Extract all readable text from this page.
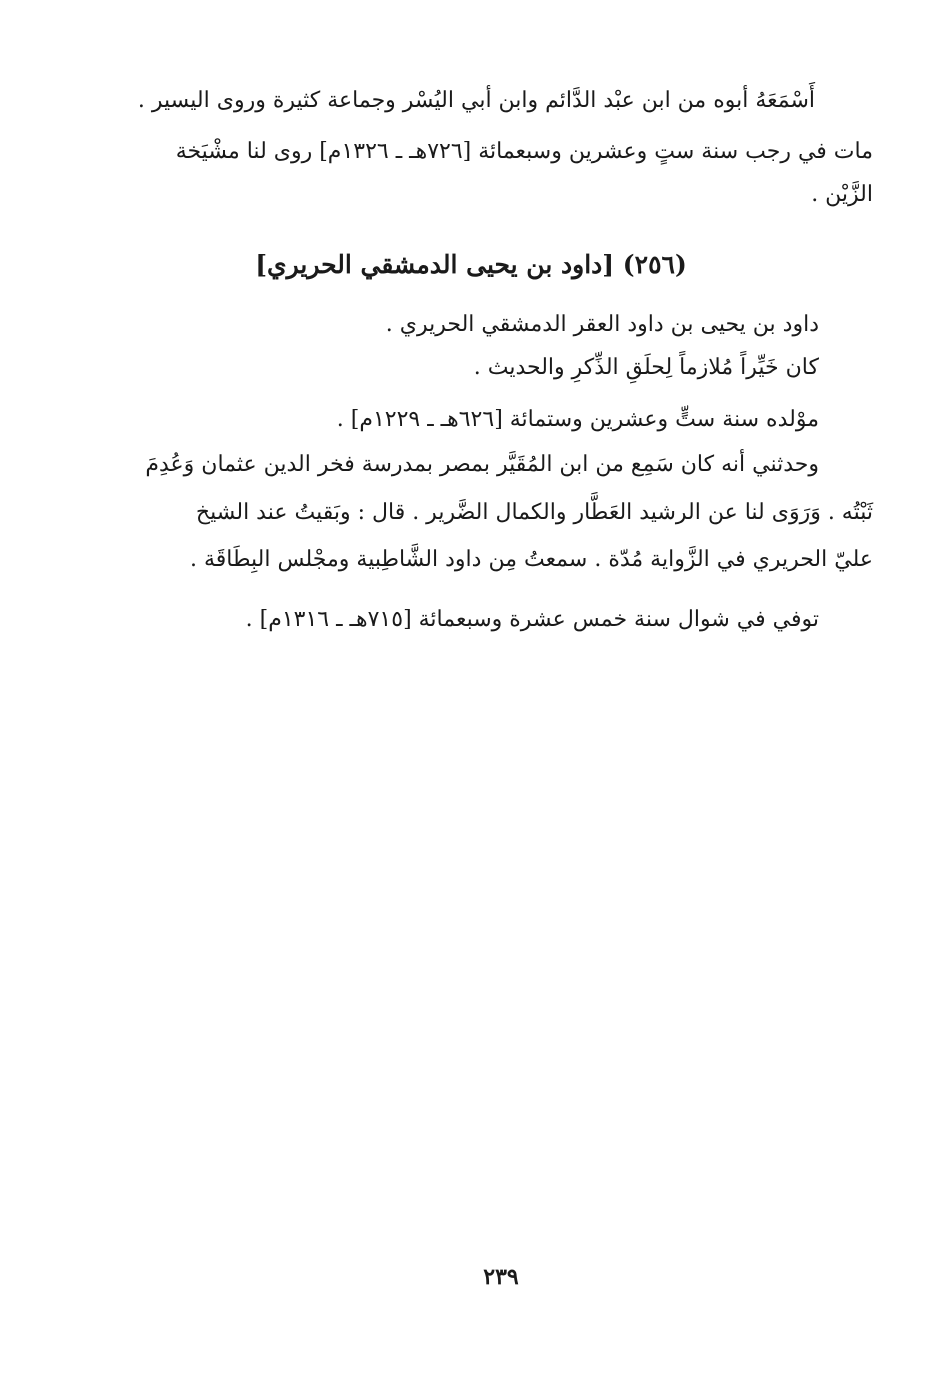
أَسْمَعَهُ أبوه من ابن عبْد الدَّائم وابن أبي اليُسْر وجماعة كثيرة وروى اليسير .
مات في رجب سنة ستٍ وعشرين وسبعمائة [٧٢٦هـ ـ ١٣٢٦م] روى لنا مشْيَخة
الزَّيْن .
(٢٥٦) [داود بن يحيى الدمشقي الحريري]
داود بن يحيى بن داود العقر الدمشقي الحريري .
كان خَيِّراً مُلازماً لِحلَقِ الذِّكرِ والحديث .
موْلده سنة ستٍّ وعشرين وستمائة [٦٢٦هـ ـ ١٢٢٩م] .
وحدثني أنه كان سَمِع من ابن المُقَيَّر بمصر بمدرسة فخر الدين عثمان وَعُدِمَ
ثَبْتُه . وَرَوَى لنا عن الرشيد العَطَّار والكمال الضَّرير . قال : وبَقيتُ عند الشيخ
عليّ الحريري في الزَّواية مُدّة . سمعتُ مِن داود الشَّاطِبية ومجْلس البِطَاقَة .
توفي في شوال سنة خمس عشرة وسبعمائة [٧١٥هـ ـ ١٣١٦م] .
٢٣٩
